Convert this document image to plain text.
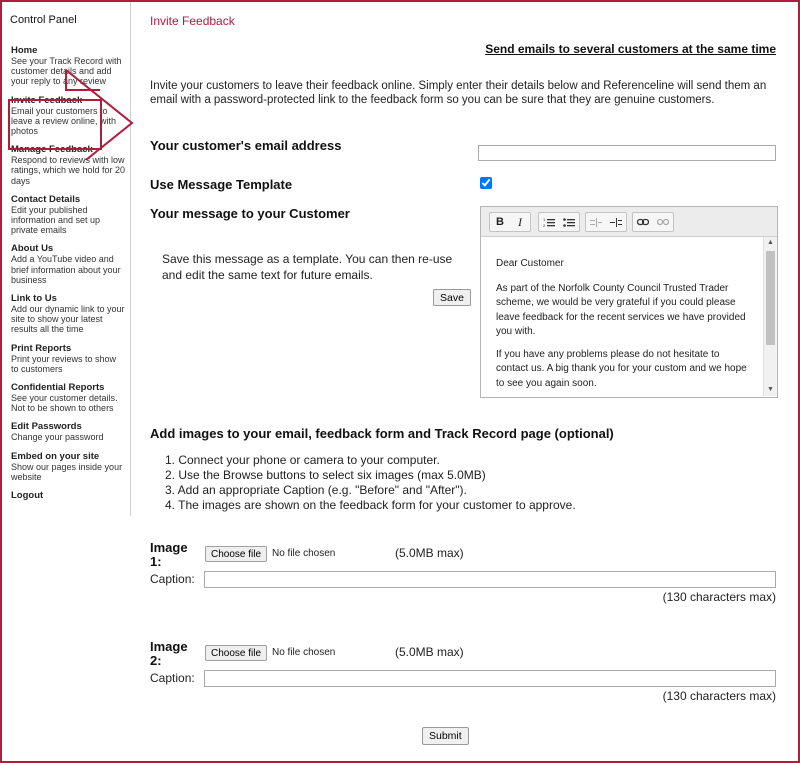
Control Panel
Home
See your Track Record with customer details and add your reply to any review
Invite Feedback
Email your customers to leave a review online, with photos
Manage Feedback
Respond to reviews with low ratings, which we hold for 20 days
Contact Details
Edit your published information and set up private emails
About Us
Add a YouTube video and brief information about your business
Link to Us
Add our dynamic link to your site to show your latest results all the time
Print Reports
Print your reviews to show to customers
Confidential Reports
See your customer details. Not to be shown to others
Edit Passwords
Change your password
Embed on your site
Show our pages inside your website
Logout
Invite Feedback
Send emails to several customers at the same time
Invite your customers to leave their feedback online. Simply enter their details below and Referenceline will send them an email with a password-protected link to the feedback form so you can be sure that they are genuine customers.
Your customer's email address
Use Message Template
Your message to your Customer
Save this message as a template. You can then re-use and edit the same text for future emails.
Save
B	I	1
2
Dear Customer
As part of the Norfolk County Council Trusted Trader scheme, we would be very grateful if you could please leave feedback for the recent services we have provided you with.
If you have any problems please do not hesitate to contact us. A big thank you for your custom and we hope to see you again soon.
▲
▼
Add images to your email, feedback form and Track Record page (optional)
1. Connect your phone or camera to your computer.
2. Use the Browse buttons to select six images (max 5.0MB)
3. Add an appropriate Caption (e.g. "Before" and "After").
4. The images are shown on the feedback form for your customer to approve.
Image 1:	Choose file	No file chosen	(5.0MB max)
Caption:
(130 characters max)
Image 2:	Choose file	No file chosen	(5.0MB max)
Caption:
(130 characters max)
Submit
